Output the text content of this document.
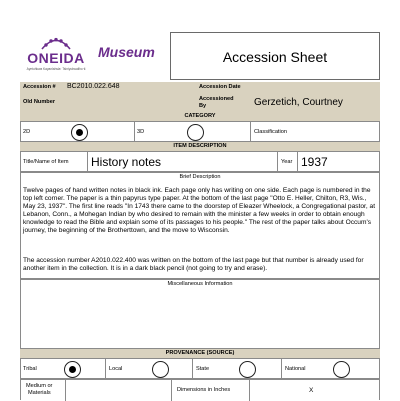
ONEIDA
Ayetuhkwa Kayanlahsla· Tsiniyukwaliho·tɨ
Museum	Accession Sheet
Accession # BC2010.022.648	Accession Date
Old Number	Accessioned
By	Gerzetich, Courtney
CATEGORY
2D	3D	Classification
ITEM DESCRIPTION
Title/Name of Item History notes	Year 1937
Brief Description
Twelve pages of hand written notes in black ink. Each page only has writing on one side. Each page is numbered in the top left corner. The paper is a thin papyrus type paper. At the bottom of the last page "Otto E. Heller, Chilton, R3, Wis., May 23, 1937". The first line reads "In 1743 there came to the doorstep of Eleazer Wheelock, a Congregational pastor, at Lebanon, Conn., a Mohegan Indian by who desired to remain with the minister a few weeks in order to obtain enough knowledge to read the Bible and explain some of its passages to his people." The rest of the paper talks about Occum's journey, the beginning of the Brotherttown, and the move to Wisconsin.
The accession number A2010.022.400 was written on the bottom of the last page but that number is already used for another item in the collection. It is in a dark black pencil (not going to try and erase).
Miscellaneous Information
PROVENANCE (SOURCE)
Tribal	Local	State	National
Medium or
Materials	Dimensions in Inches	X
